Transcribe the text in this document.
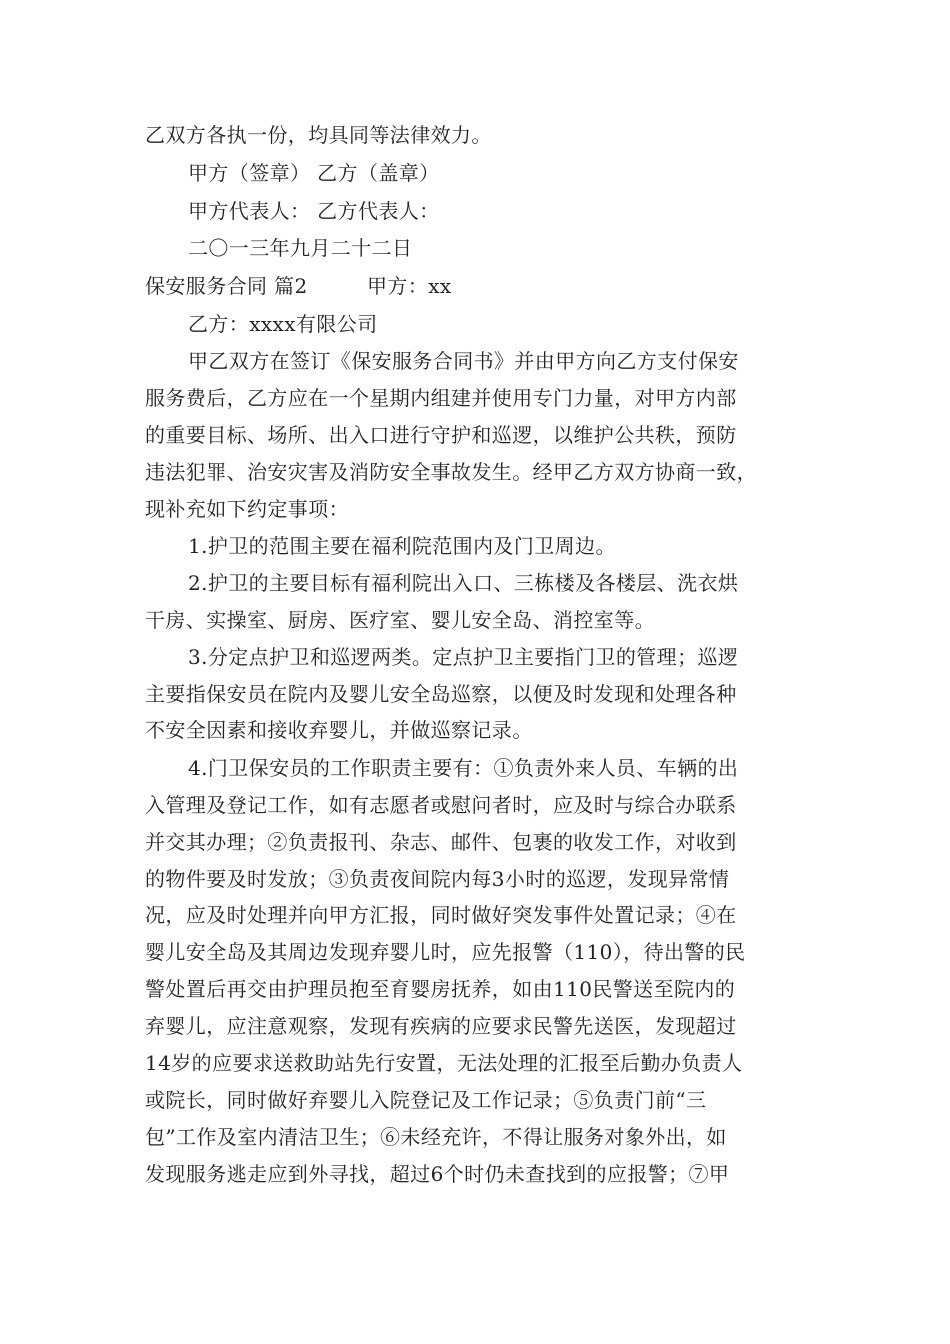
乙双方各执一份，均具同等法律效力。
甲方（签章） 乙方（盖章）
甲方代表人： 乙方代表人：
二〇一三年九月二十二日
保安服务合同 篇2	甲方：xx
乙方：xxxx有限公司
甲乙双方在签订《保安服务合同书》并由甲方向乙方支付保安
服务费后，乙方应在一个星期内组建并使用专门力量，对甲方内部
的重要目标、场所、出入口进行守护和巡逻，以维护公共秩，预防
违法犯罪、治安灾害及消防安全事故发生。经甲乙方双方协商一致，
现补充如下约定事项：
1.护卫的范围主要在福利院范围内及门卫周边。
2.护卫的主要目标有福利院出入口、三栋楼及各楼层、洗衣烘
干房、实操室、厨房、医疗室、婴儿安全岛、消控室等。
3.分定点护卫和巡逻两类。定点护卫主要指门卫的管理；巡逻
主要指保安员在院内及婴儿安全岛巡察，以便及时发现和处理各种
不安全因素和接收弃婴儿，并做巡察记录。
4.门卫保安员的工作职责主要有：①负责外来人员、车辆的出
入管理及登记工作，如有志愿者或慰问者时，应及时与综合办联系
并交其办理；②负责报刊、杂志、邮件、包裹的收发工作，对收到
的物件要及时发放；③负责夜间院内每3小时的巡逻，发现异常情
况，应及时处理并向甲方汇报，同时做好突发事件处置记录；④在
婴儿安全岛及其周边发现弃婴儿时，应先报警（110），待出警的民
警处置后再交由护理员抱至育婴房抚养，如由110民警送至院内的
弃婴儿，应注意观察，发现有疾病的应要求民警先送医，发现超过
14岁的应要求送救助站先行安置，无法处理的汇报至后勤办负责人
或院长，同时做好弃婴儿入院登记及工作记录；⑤负责门前“三
包”工作及室内清洁卫生；⑥未经充许，不得让服务对象外出，如
发现服务逃走应到外寻找，超过6个时仍未查找到的应报警；⑦甲
